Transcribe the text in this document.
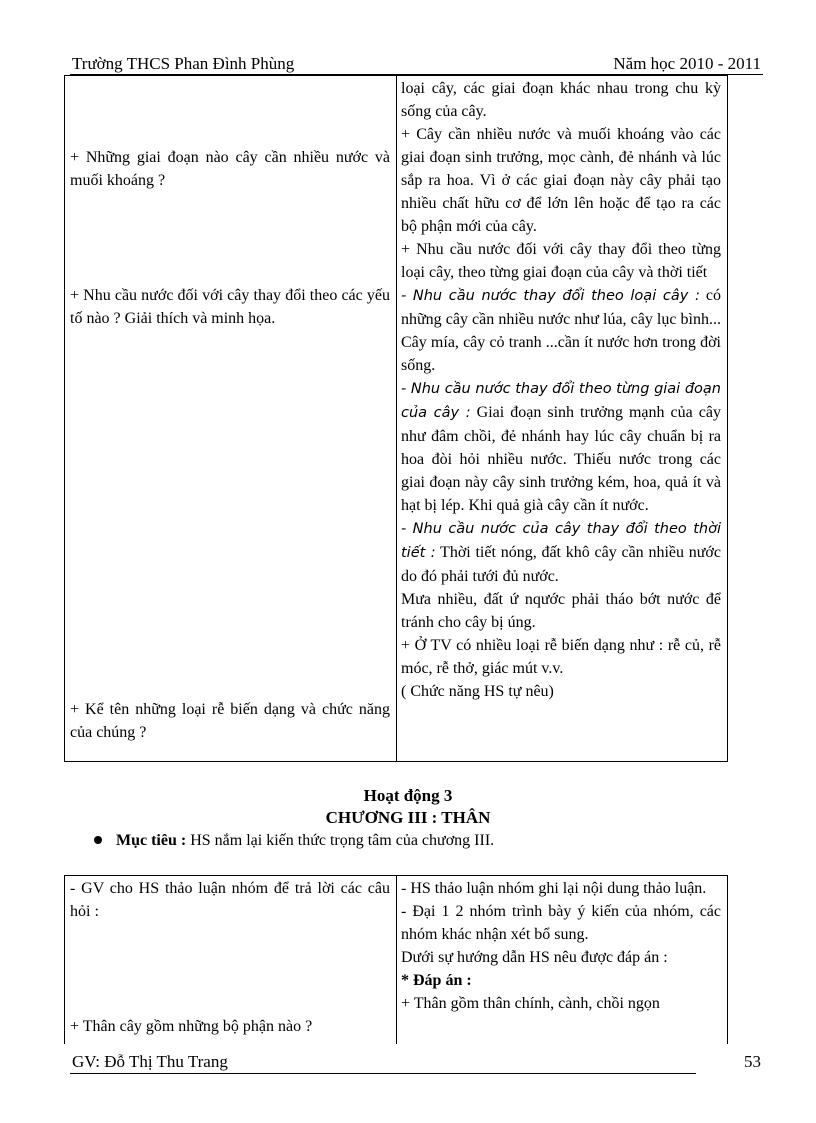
Trường THCS Phan Đình Phùng	Năm học 2010 - 2011
+ Những giai đoạn nào cây cần nhiều nước và muối khoáng ?
+ Nhu cầu nước đối với cây thay đổi theo các yếu tố nào ? Giải thích và minh họa.
+ Kể tên những loại rễ biến dạng và chức năng của chúng ?

loại cây, các giai đoạn khác nhau trong chu kỳ sống của cây.

+ Cây cần nhiều nước và muối khoáng vào các giai đoạn sinh trưởng, mọc cành, đẻ nhánh và lúc sắp ra hoa. Vì ở các giai đoạn này cây phải tạo nhiều chất hữu cơ để lớn lên hoặc để tạo ra các bộ phận mới của cây.

+ Nhu cầu nước đối với cây thay đổi theo từng loại cây, theo từng giai đoạn của cây và thời tiết

- Nhu cầu nước thay đổi theo loại cây : có những cây cần nhiều nước như lúa, cây lục bình... Cây mía, cây cỏ tranh ...cần ít nước hơn trong đời sống.

- Nhu cầu nước thay đổi theo từng giai đoạn của cây : Giai đoạn sinh trưởng mạnh của cây như đâm chồi, đẻ nhánh hay lúc cây chuẩn bị ra hoa đòi hỏi nhiều nước. Thiếu nước trong các giai đoạn này cây sinh trưởng kém, hoa, quả ít và hạt bị lép. Khi quả già cây cần ít nước.

- Nhu cầu nước của cây thay đổi theo thời tiết : Thời tiết nóng, đất khô cây cần nhiều nước do đó phải tưới đủ nước.

Mưa nhiều, đất ứ nqước phải tháo bớt nước để tránh cho cây bị úng.

+ Ở TV có nhiều loại rễ biến dạng như : rễ củ, rễ móc, rễ thở, giác mút v.v.

( Chức năng HS tự nêu)

Hoạt động 3
CHƯƠNG III : THÂN
Mục tiêu : HS nắm lại kiến thức trọng tâm của chương III.
- GV cho HS thảo luận nhóm để trả lời các câu hỏi :
+ Thân cây gồm những bộ phận nào ?

- HS thảo luận nhóm ghi lại nội dung thảo luận.

- Đại 1 2 nhóm trình bày ý kiến của nhóm, các nhóm khác nhận xét bổ sung.

Dưới sự hướng dẫn HS nêu được đáp án :

* Đáp án :

+ Thân gồm thân chính, cành, chồi ngọn

GV: Đỗ Thị Thu Trang	53
